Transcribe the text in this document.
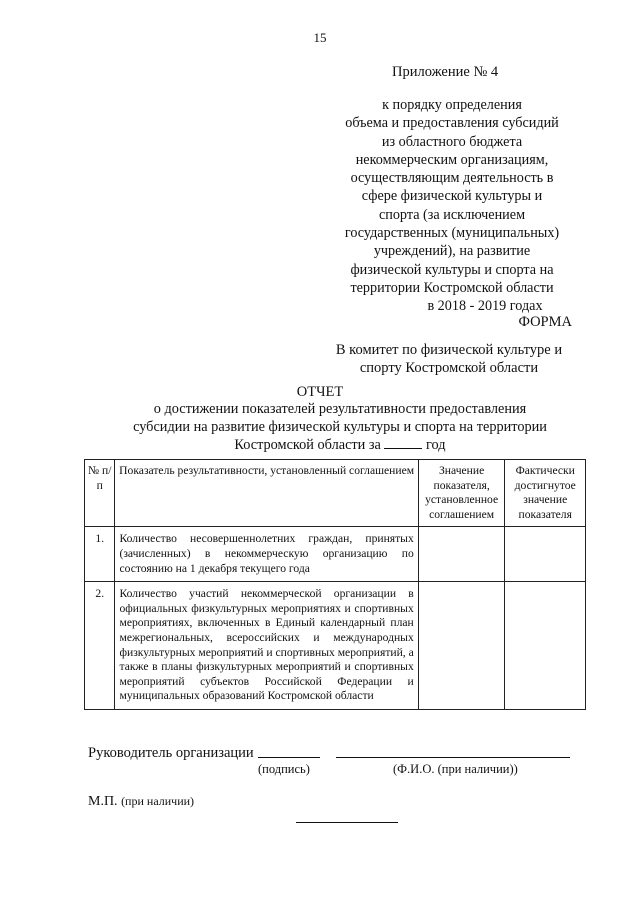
15
Приложение № 4
к порядку определения
объема и предоставления субсидий
из областного бюджета
некоммерческим организациям,
осуществляющим деятельность в
сфере физической культуры и
спорта (за исключением
государственных (муниципальных)
учреждений), на развитие
физической культуры и спорта на
территории Костромской области
в 2018 - 2019 годах
ФОРМА
В комитет по физической культуре и
спорту Костромской области
ОТЧЕТ
о достижении показателей результативности предоставления
субсидии на развитие физической культуры и спорта на территории
Костромской области за	год
№ п/п	Показатель результативности, установленный соглашением	Значение показателя, установленное соглашением	Фактически достигнутое значение показателя
1.	Количество несовершеннолетних граждан, принятых (зачисленных) в некоммерческую организацию по состоянию на 1 декабря текущего года		
2.	Количество участий некоммерческой организации в официальных физкультурных мероприятиях и спортивных мероприятиях, включенных в Единый календарный план межрегиональных, всероссийских и международных физкультурных мероприятий и спортивных мероприятий, а также в планы физкультурных мероприятий и спортивных мероприятий субъектов Российской Федерации и муниципальных образований Костромской области		
Руководитель организации
(подпись)	(Ф.И.О. (при наличии))
М.П. (при наличии)
